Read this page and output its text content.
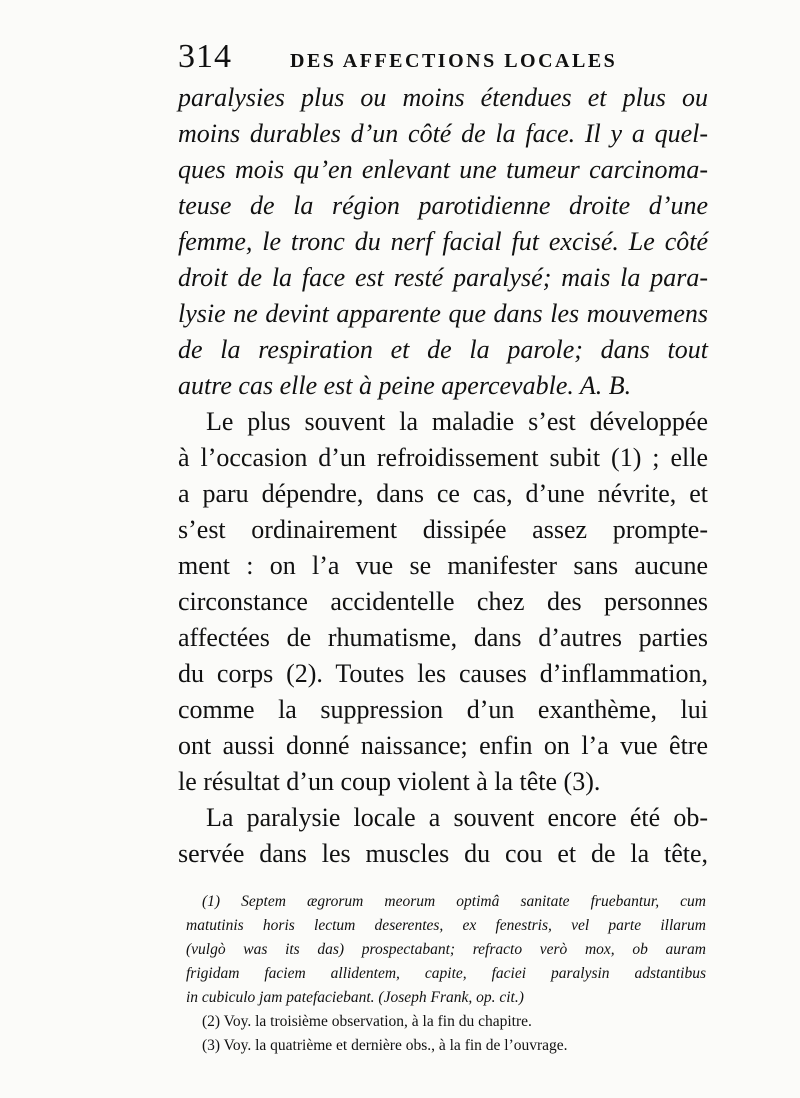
314	DES AFFECTIONS LOCALES
paralysies plus ou moins étendues et plus ou
moins durables d’un côté de la face. Il y a quel-
ques mois qu’en enlevant une tumeur carcinoma-
teuse de la région parotidienne droite d’une
femme, le tronc du nerf facial fut excisé. Le côté
droit de la face est resté paralysé; mais la para-
lysie ne devint apparente que dans les mouvemens
de la respiration et de la parole; dans tout
autre cas elle est à peine apercevable. A. B.
Le plus souvent la maladie s’est développée
à l’occasion d’un refroidissement subit (1) ; elle
a paru dépendre, dans ce cas, d’une névrite, et
s’est ordinairement dissipée assez prompte-
ment : on l’a vue se manifester sans aucune
circonstance accidentelle chez des personnes
affectées de rhumatisme, dans d’autres parties
du corps (2). Toutes les causes d’inflammation,
comme la suppression d’un exanthème, lui
ont aussi donné naissance; enfin on l’a vue être
le résultat d’un coup violent à la tête (3).
La paralysie locale a souvent encore été ob-
servée dans les muscles du cou et de la tête,
(1) Septem ægrorum meorum optimâ sanitate fruebantur, cum
matutinis horis lectum deserentes, ex fenestris, vel parte illarum
(vulgò was its das) prospectabant; refracto verò mox, ob auram
frigidam faciem allidentem, capite, faciei paralysin adstantibus
in cubiculo jam patefaciebant. (Joseph Frank, op. cit.)
(2) Voy. la troisième observation, à la fin du chapitre.
(3) Voy. la quatrième et dernière obs., à la fin de l’ouvrage.
